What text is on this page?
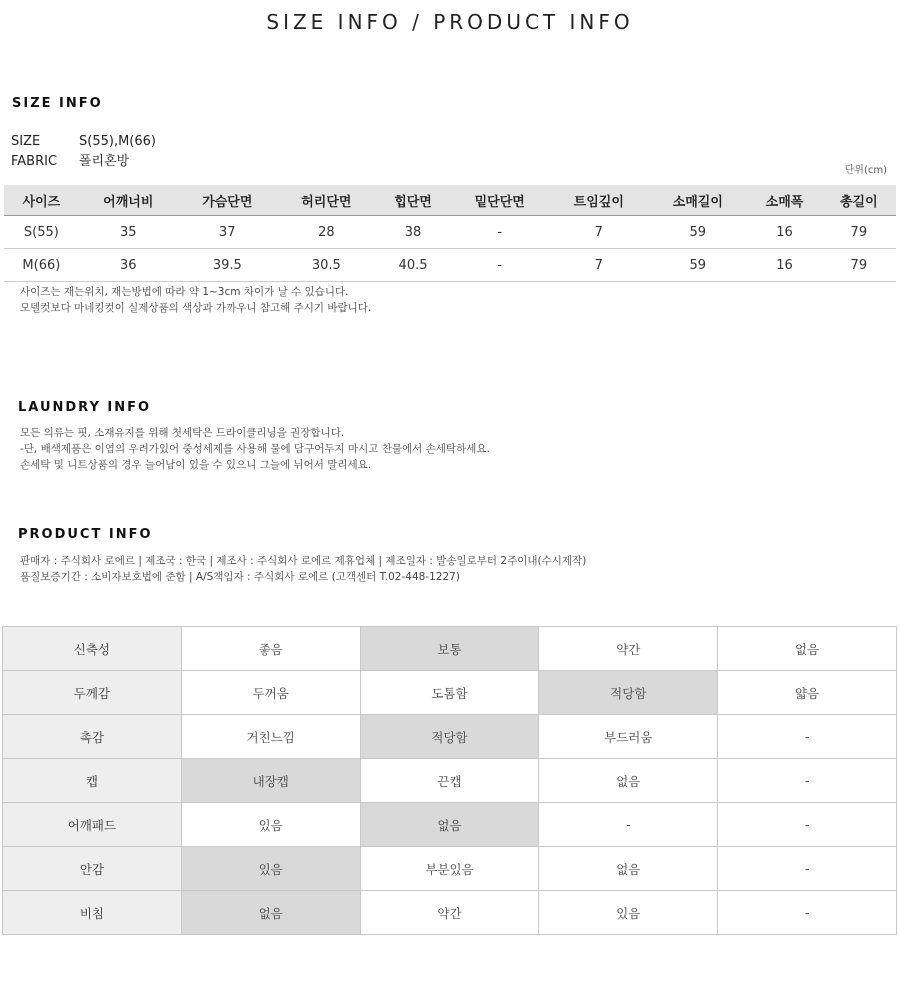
SIZE INFO / PRODUCT INFO
SIZE INFO
SIZE	S(55),M(66)
FABRIC 폴리혼방
단위(cm)
사이즈	어깨너비	가슴단면	허리단면	힙단면	밑단단면	트임깊이	소매길이	소매폭	총길이
S(55)	35	37	28	38	-	7	59	16	79
M(66)	36	39.5	30.5	40.5	-	7	59	16	79
사이즈는 재는위치, 재는방법에 따라 약 1~3cm 차이가 날 수 있습니다.
모델컷보다 마네킹컷이 실제상품의 색상과 가까우니 참고해 주시기 바랍니다.
LAUNDRY INFO
모든 의류는 핏, 소재유지를 위해 첫세탁은 드라이클리닝을 권장합니다.
-단, 배색제품은 이염의 우려가있어 중성세제를 사용해 물에 담구어두지 마시고 찬물에서 손세탁하세요.
손세탁 및 니트상품의 경우 늘어남이 있을 수 있으니 그늘에 뉘어서 말리세요.
PRODUCT INFO
판매자 : 주식회사 로에르 | 제조국 : 한국 | 제조사 : 주식회사 로에르 제휴업체 | 제조일자 : 발송일로부터 2주이내(수시제작)
품질보증기간 : 소비자보호법에 준함 | A/S책임자 : 주식회사 로에르 (고객센터 T.02-448-1227)
신축성	좋음	보통	약간	없음
두께감	두꺼움	도톰함	적당함	얇음
촉감	거친느낌	적당함	부드러움	-
캡	내장캡	끈캡	없음	-
어깨패드	있음	없음	-	-
안감	있음	부분있음	없음	-
비침	없음	약간	있음	-
